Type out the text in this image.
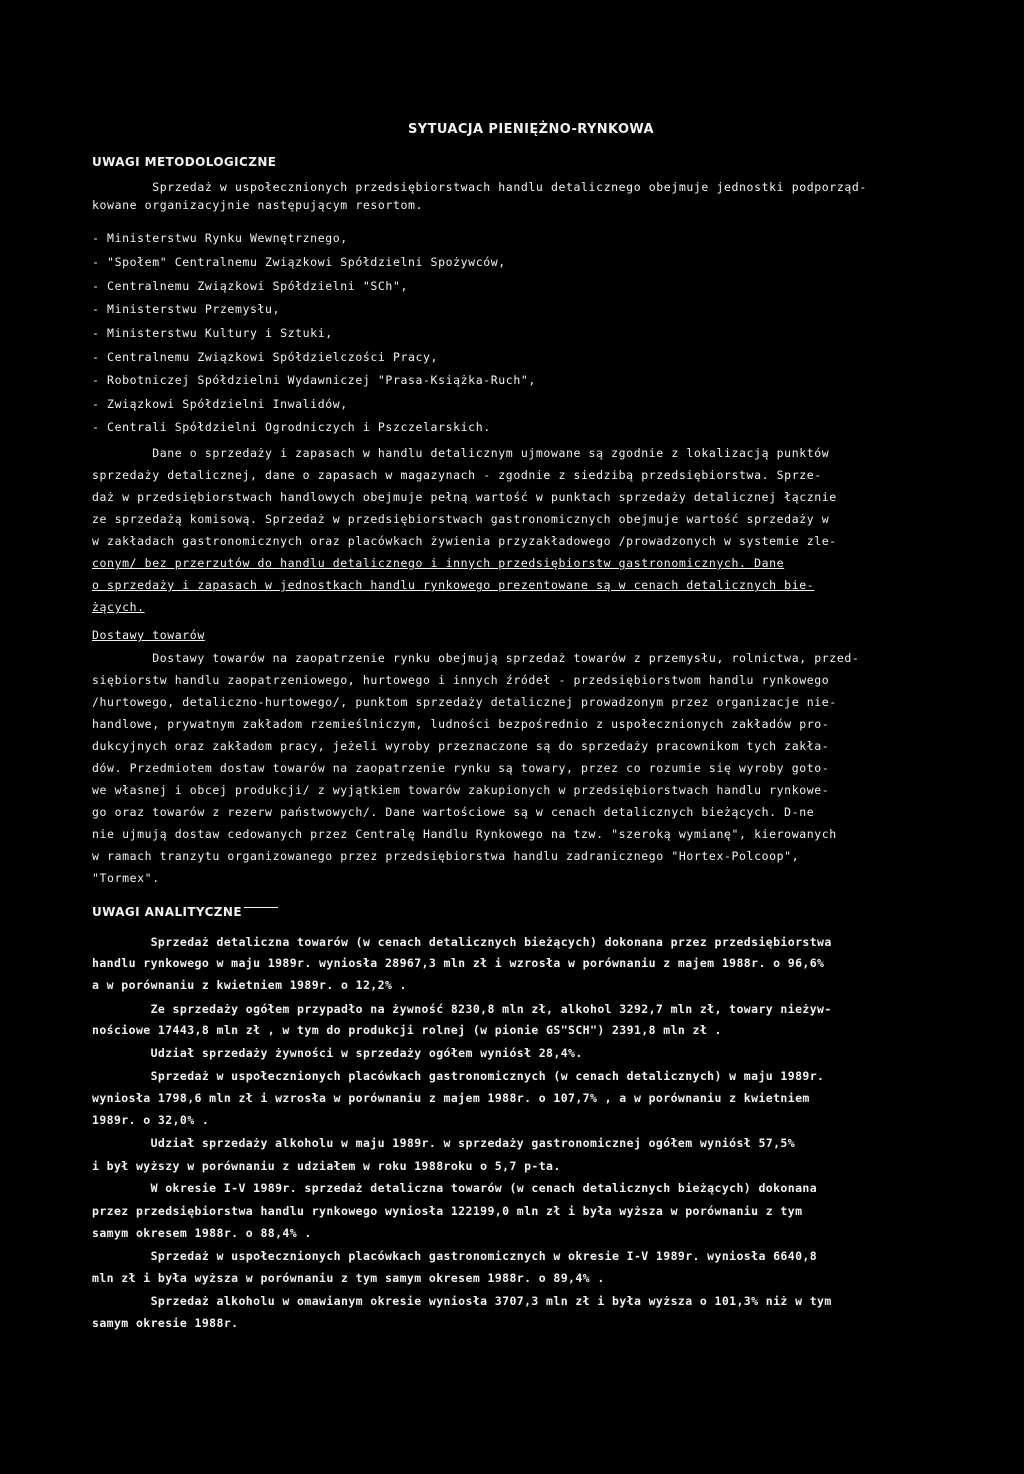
SYTUACJA PIENIĘŻNO-RYNKOWA
UWAGI METODOLOGICZNE
Sprzedaż w uspołecznionych przedsiębiorstwach handlu detalicznego obejmuje jednostki podporząd-
kowane organizacyjnie następującym resortom.
- Ministerstwu Rynku Wewnętrznego,
- "Społem" Centralnemu Związkowi Spółdzielni Spożywców,
- Centralnemu Związkowi Spółdzielni "SCh",
- Ministerstwu Przemysłu,
- Ministerstwu Kultury i Sztuki,
- Centralnemu Związkowi Spółdzielczości Pracy,
- Robotniczej Spółdzielni Wydawniczej "Prasa-Książka-Ruch",
- Związkowi Spółdzielni Inwalidów,
- Centrali Spółdzielni Ogrodniczych i Pszczelarskich.
Dane o sprzedaży i zapasach w handlu detalicznym ujmowane są zgodnie z lokalizacją punktów
sprzedaży detalicznej, dane o zapasach w magazynach - zgodnie z siedzibą przedsiębiorstwa. Sprze-
daż w przedsiębiorstwach handlowych obejmuje pełną wartość w punktach sprzedaży detalicznej łącznie
ze sprzedażą komisową. Sprzedaż w przedsiębiorstwach gastronomicznych obejmuje wartość sprzedaży w
w zakładach gastronomicznych oraz placówkach żywienia przyzakładowego /prowadzonych w systemie zle-
conym/ bez przerzutów do handlu detalicznego i innych przedsiębiorstw gastronomicznych. Dane
o sprzedaży i zapasach w jednostkach handlu rynkowego prezentowane są w cenach detalicznych bie-
żących.
Dostawy towarów
Dostawy towarów na zaopatrzenie rynku obejmują sprzedaż towarów z przemysłu, rolnictwa, przed-
siębiorstw handlu zaopatrzeniowego, hurtowego i innych źródeł - przedsiębiorstwom handlu rynkowego
/hurtowego, detaliczno-hurtowego/, punktom sprzedaży detalicznej prowadzonym przez organizacje nie-
handlowe, prywatnym zakładom rzemieślniczym, ludności bezpośrednio z uspołecznionych zakładów pro-
dukcyjnych oraz zakładom pracy, jeżeli wyroby przeznaczone są do sprzedaży pracownikom tych zakła-
dów. Przedmiotem dostaw towarów na zaopatrzenie rynku są towary, przez co rozumie się wyroby goto-
we własnej i obcej produkcji/ z wyjątkiem towarów zakupionych w przedsiębiorstwach handlu rynkowe-
go oraz towarów z rezerw państwowych/. Dane wartościowe są w cenach detalicznych bieżących. D-ne
nie ujmują dostaw cedowanych przez Centralę Handlu Rynkowego na tzw. "szeroką wymianę", kierowanych
w ramach tranzytu organizowanego przez przedsiębiorstwa handlu zadranicznego "Hortex-Polcoop",
"Tormex".
UWAGI ANALITYCZNE
Sprzedaż detaliczna towarów (w cenach detalicznych bieżących) dokonana przez przedsiębiorstwa
handlu rynkowego w maju 1989r. wyniosła 28967,3 mln zł i wzrosła w porównaniu z majem 1988r. o 96,6%
a w porównaniu z kwietniem 1989r. o 12,2% .
Ze sprzedaży ogółem przypadło na żywność 8230,8 mln zł, alkohol 3292,7 mln zł, towary nieżyw-
nościowe 17443,8 mln zł , w tym do produkcji rolnej (w pionie GS"SCH") 2391,8 mln zł .
Udział sprzedaży żywności w sprzedaży ogółem wyniósł 28,4%.
Sprzedaż w uspołecznionych placówkach gastronomicznych (w cenach detalicznych) w maju 1989r.
wyniosła 1798,6 mln zł i wzrosła w porównaniu z majem 1988r. o 107,7% , a w porównaniu z kwietniem
1989r. o 32,0% .
Udział sprzedaży alkoholu w maju 1989r. w sprzedaży gastronomicznej ogółem wyniósł 57,5%
i był wyższy w porównaniu z udziałem w roku 1988roku o 5,7 p-ta.
W okresie I-V 1989r. sprzedaż detaliczna towarów (w cenach detalicznych bieżących) dokonana
przez przedsiębiorstwa handlu rynkowego wyniosła 122199,0 mln zł i była wyższa w porównaniu z tym
samym okresem 1988r. o 88,4% .
Sprzedaż w uspołecznionych placówkach gastronomicznych w okresie I-V 1989r. wyniosła 6640,8
mln zł i była wyższa w porównaniu z tym samym okresem 1988r. o 89,4% .
Sprzedaż alkoholu w omawianym okresie wyniosła 3707,3 mln zł i była wyższa o 101,3% niż w tym
samym okresie 1988r.
